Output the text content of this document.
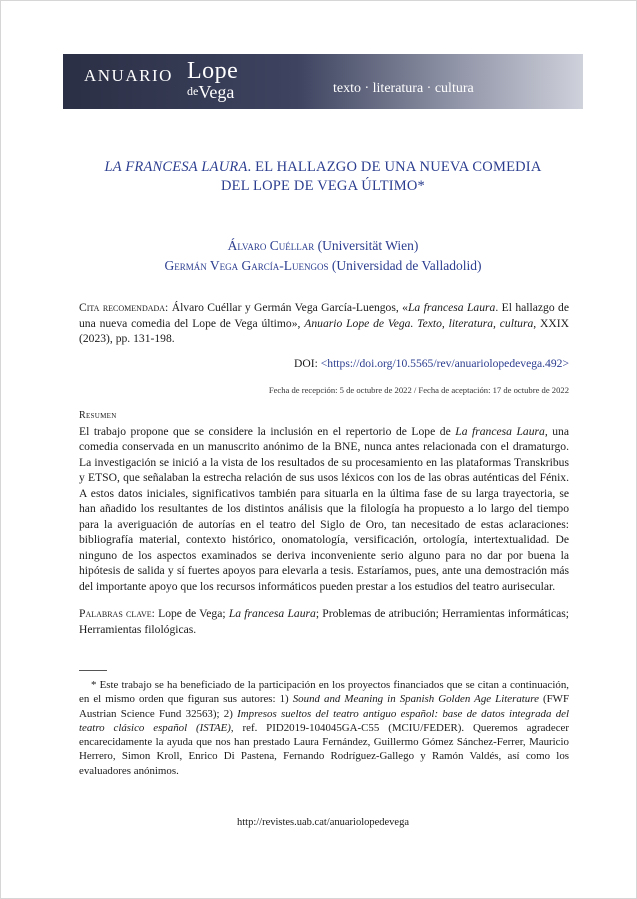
ANUARIO Lope
deVega	texto · literatura · cultura
LA FRANCESA LAURA. EL HALLAZGO DE UNA NUEVA COMEDIA
DEL LOPE DE VEGA ÚLTIMO*
Álvaro Cuéllar (Universität Wien)
Germán Vega García-Luengos (Universidad de Valladolid)
Cita recomendada: Álvaro Cuéllar y Germán Vega García-Luengos, «La francesa Laura. El hallazgo de una nueva comedia del Lope de Vega último», Anuario Lope de Vega. Texto, literatura, cultura, XXIX (2023), pp. 131-198.
DOI: <https://doi.org/10.5565/rev/anuariolopedevega.492>
Fecha de recepción: 5 de octubre de 2022 / Fecha de aceptación: 17 de octubre de 2022
Resumen
El trabajo propone que se considere la inclusión en el repertorio de Lope de La francesa Laura, una comedia conservada en un manuscrito anónimo de la BNE, nunca antes relacionada con el dramaturgo. La investigación se inició a la vista de los resultados de su procesamiento en las plataformas Transkribus y ETSO, que señalaban la estrecha relación de sus usos léxicos con los de las obras auténticas del Fénix. A estos datos iniciales, significativos también para situarla en la última fase de su larga trayectoria, se han añadido los resultantes de los distintos análisis que la filología ha propuesto a lo largo del tiempo para la averiguación de autorías en el teatro del Siglo de Oro, tan necesitado de estas aclaraciones: bibliografía material, contexto histórico, onomatología, versificación, ortología, intertextualidad. De ninguno de los aspectos examinados se deriva inconveniente serio alguno para no dar por buena la hipótesis de salida y sí fuertes apoyos para elevarla a tesis. Estaríamos, pues, ante una demostración más del importante apoyo que los recursos informáticos pueden prestar a los estudios del teatro aurisecular.
Palabras clave: Lope de Vega; La francesa Laura; Problemas de atribución; Herramientas informáticas; Herramientas filológicas.
* Este trabajo se ha beneficiado de la participación en los proyectos financiados que se citan a continuación, en el mismo orden que figuran sus autores: 1) Sound and Meaning in Spanish Golden Age Literature (FWF Austrian Science Fund 32563); 2) Impresos sueltos del teatro antiguo español: base de datos integrada del teatro clásico español (ISTAE), ref. PID2019-104045GA-C55 (MCIU/FEDER). Queremos agradecer encarecidamente la ayuda que nos han prestado Laura Fernández, Guillermo Gómez Sánchez-Ferrer, Mauricio Herrero, Simon Kroll, Enrico Di Pastena, Fernando Rodríguez-Gallego y Ramón Valdés, así como los evaluadores anónimos.
http://revistes.uab.cat/anuariolopedevega
